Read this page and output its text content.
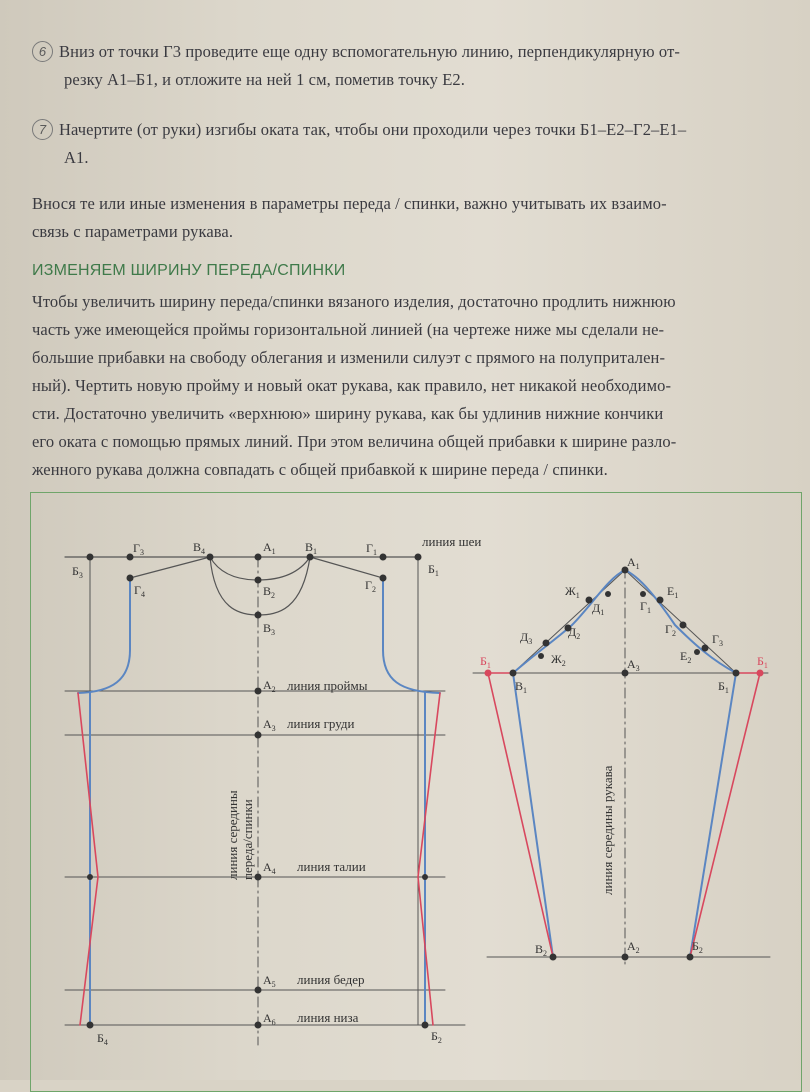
6 Вниз от точки Г3 проведите еще одну вспомогательную линию, перпендикулярную от-
резку А1–Б1, и отложите на ней 1 см, пометив точку Е2.
7 Начертите (от руки) изгибы оката так, чтобы они проходили через точки Б1–Е2–Г2–Е1–
А1.
Внося те или иные изменения в параметры переда / спинки, важно учитывать их взаимо-
связь с параметрами рукава.
ИЗМЕНЯЕМ ШИРИНУ ПЕРЕДА/СПИНКИ
Чтобы увеличить ширину переда/спинки вязаного изделия, достаточно продлить нижнюю
часть уже имеющейся проймы горизонтальной линией (на чертеже ниже мы сделали не-
большие прибавки на свободу облегания и изменили силуэт с прямого на полупритален-
ный). Чертить новую пройму и новый окат рукава, как правило, нет никакой необходимо-
сти. Достаточно увеличить «верхнюю» ширину рукава, как бы удлинив нижние кончики
его оката с помощью прямых линий. При этом величина общей прибавки к ширине разло-
женного рукава должна совпадать с общей прибавкой к ширине переда / спинки.
$Г_3$	$В_4$	$А_1$ $В_1$	$Г_1$
$Б_3$	$Б_1$
$Г_4$
$Г_2$
$В_2$
$В_3$
$А_2$
$А_3$
$А_4$
$А_5$
$А_6$
$Б_4$	$Б_2$
линия шеи
линия проймы
линия груди
линия талии
линия бедер
линия низа
линия середины переда/спинки
$А_1$
$Ж_1$	$Е_1$
$Д_1$	$Г_1$
$Д_3$
$Д_2$
$Г_2$	$Г_3$
$Ж_2$
$Е_2$
$Б_1$
$В_1$
$А_3$
$Б_1$
$Б_1$
$В_2$
$А_2$	$Б_2$
линия середины рукава
